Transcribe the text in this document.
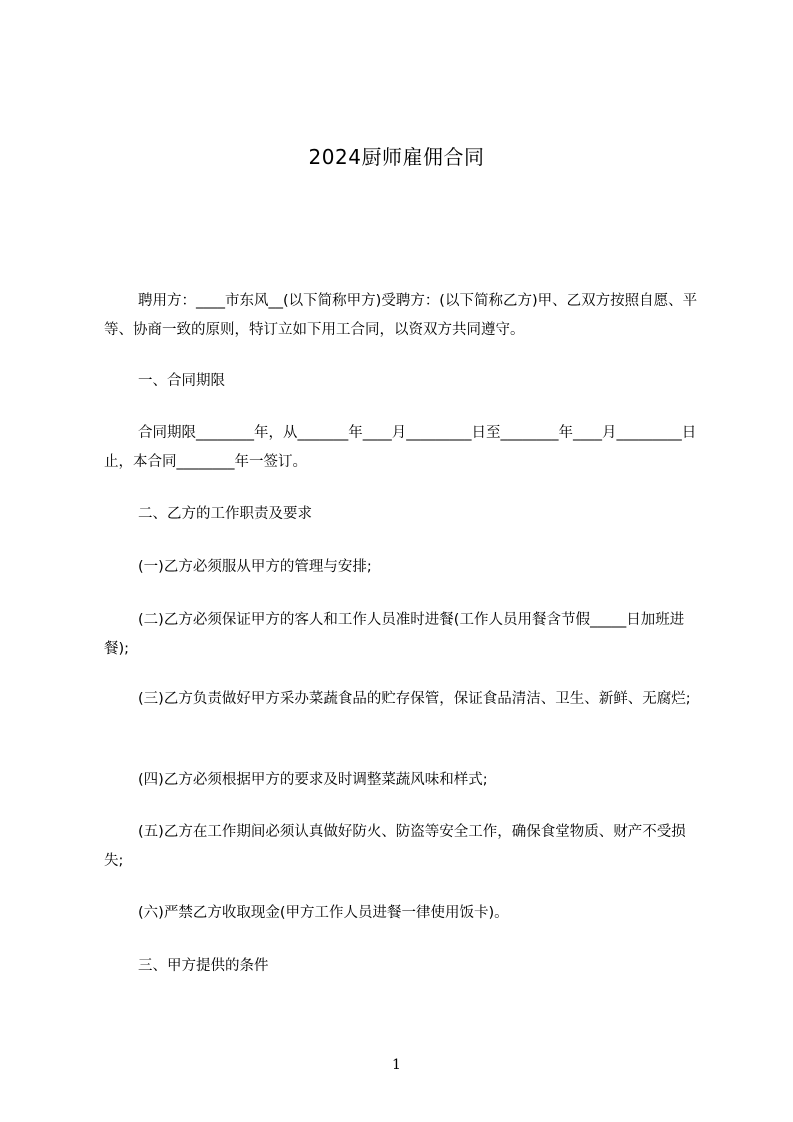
2024厨师雇佣合同
聘用方：____市东风__(以下简称甲方)受聘方：(以下简称乙方)甲、乙双方按照自愿、平等、协商一致的原则，特订立如下用工合同，以资双方共同遵守。
一、合同期限
合同期限________年，从_______年____月_________日至________年____月_________日止，本合同________年一签订。
二、乙方的工作职责及要求
(一)乙方必须服从甲方的管理与安排;
(二)乙方必须保证甲方的客人和工作人员准时进餐(工作人员用餐含节假_____日加班进餐);
(三)乙方负责做好甲方采办菜蔬食品的贮存保管，保证食品清洁、卫生、新鲜、无腐烂;
(四)乙方必须根据甲方的要求及时调整菜蔬风味和样式;
(五)乙方在工作期间必须认真做好防火、防盗等安全工作，确保食堂物质、财产不受损失;
(六)严禁乙方收取现金(甲方工作人员进餐一律使用饭卡)。
三、甲方提供的条件
1
